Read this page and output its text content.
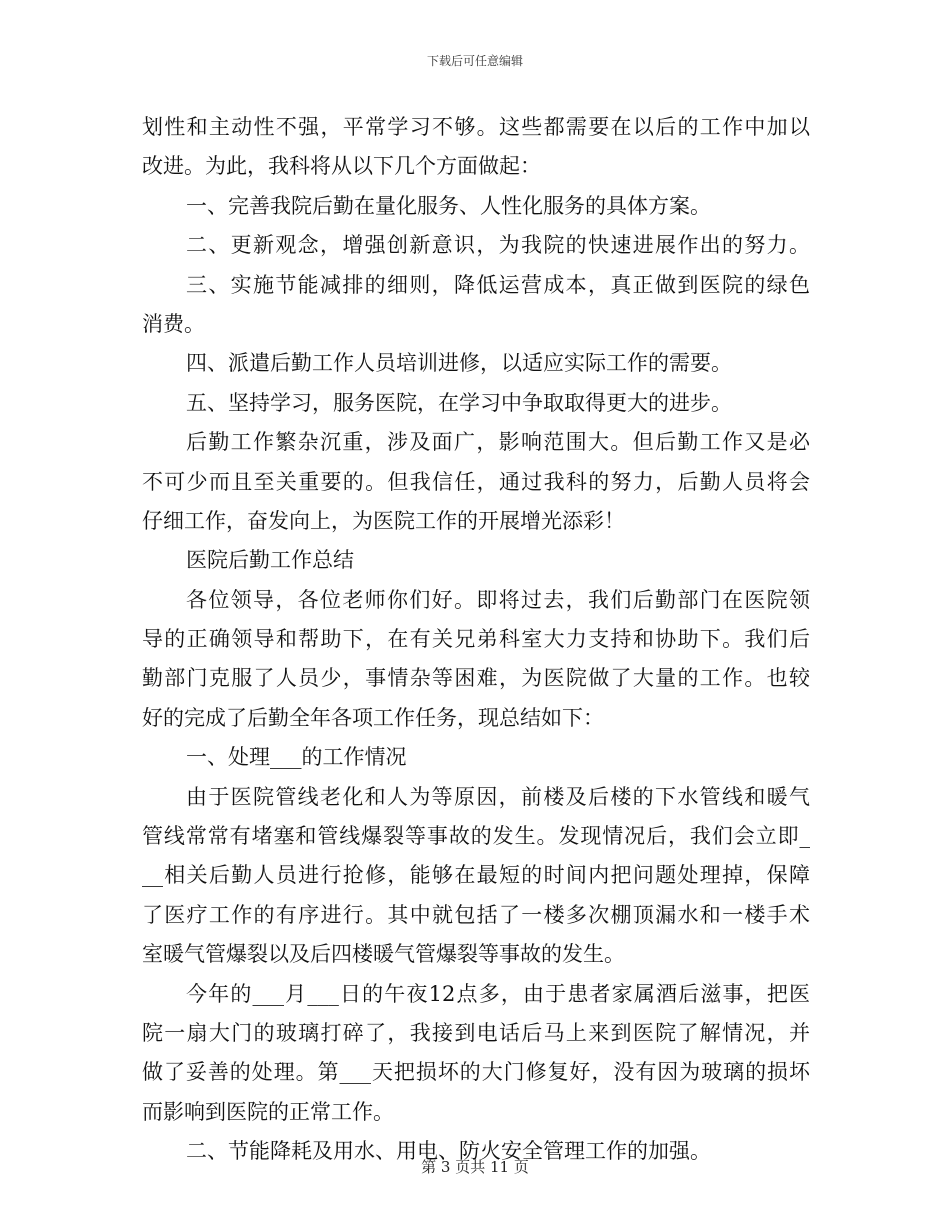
下载后可任意编辑
划性和主动性不强，平常学习不够。这些都需要在以后的工作中加以
改进。为此，我科将从以下几个方面做起：
一、完善我院后勤在量化服务、人性化服务的具体方案。
二、更新观念，增强创新意识，为我院的快速进展作出的努力。
三、实施节能减排的细则，降低运营成本，真正做到医院的绿色
消费。
四、派遣后勤工作人员培训进修，以适应实际工作的需要。
五、坚持学习，服务医院，在学习中争取取得更大的进步。
后勤工作繁杂沉重，涉及面广，影响范围大。但后勤工作又是必
不可少而且至关重要的。但我信任，通过我科的努力，后勤人员将会
仔细工作，奋发向上，为医院工作的开展增光添彩！
医院后勤工作总结
各位领导，各位老师你们好。即将过去，我们后勤部门在医院领
导的正确领导和帮助下，在有关兄弟科室大力支持和协助下。我们后
勤部门克服了人员少，事情杂等困难，为医院做了大量的工作。也较
好的完成了后勤全年各项工作任务，现总结如下：
一、处理___的工作情况
由于医院管线老化和人为等原因，前楼及后楼的下水管线和暖气
管线常常有堵塞和管线爆裂等事故的发生。发现情况后，我们会立即_
__相关后勤人员进行抢修，能够在最短的时间内把问题处理掉，保障
了医疗工作的有序进行。其中就包括了一楼多次棚顶漏水和一楼手术
室暖气管爆裂以及后四楼暖气管爆裂等事故的发生。
今年的___月___日的午夜12点多，由于患者家属酒后滋事，把医
院一扇大门的玻璃打碎了，我接到电话后马上来到医院了解情况，并
做了妥善的处理。第___天把损坏的大门修复好，没有因为玻璃的损坏
而影响到医院的正常工作。
二、节能降耗及用水、用电、防火安全管理工作的加强。
第 3 页共 11 页
